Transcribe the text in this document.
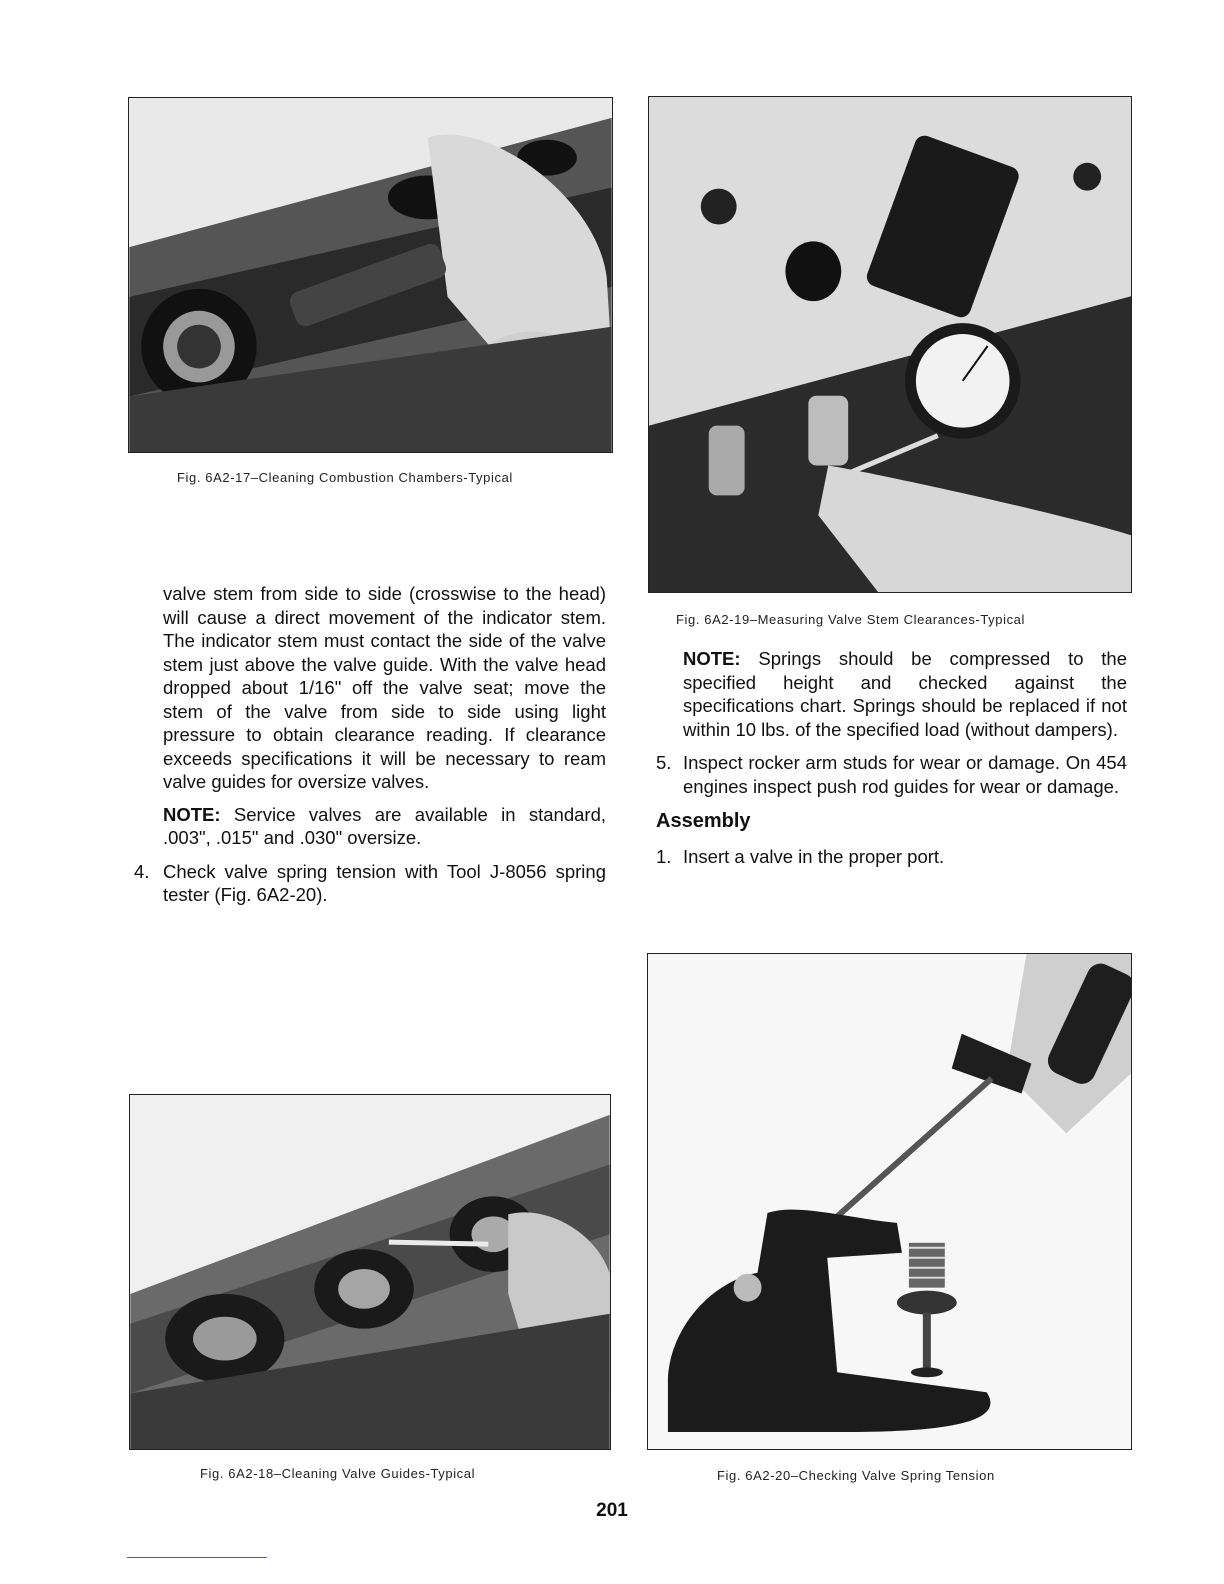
Fig. 6A2-17–Cleaning Combustion Chambers-Typical
Fig. 6A2-19–Measuring Valve Stem Clearances-Typical

valve stem from side to side (crosswise to the head) will cause a direct movement of the indicator stem. The indicator stem must contact the side of the valve stem just above the valve guide. With the valve head dropped about 1/16" off the valve seat; move the stem of the valve from side to side using light pressure to obtain clearance reading. If clearance exceeds specifications it will be necessary to ream valve guides for oversize valves.

NOTE: Service valves are available in standard, .003", .015" and .030" oversize.

4. Check valve spring tension with Tool J-8056 spring tester (Fig. 6A2-20).

NOTE: Springs should be compressed to the specified height and checked against the specifications chart. Springs should be replaced if not within 10 lbs. of the specified load (without dampers).

5. Inspect rocker arm studs for wear or damage. On 454 engines inspect push rod guides for wear or damage.

Assembly

1. Insert a valve in the proper port.
Fig. 6A2-20–Checking Valve Spring Tension
Fig. 6A2-18–Cleaning Valve Guides-Typical
201
